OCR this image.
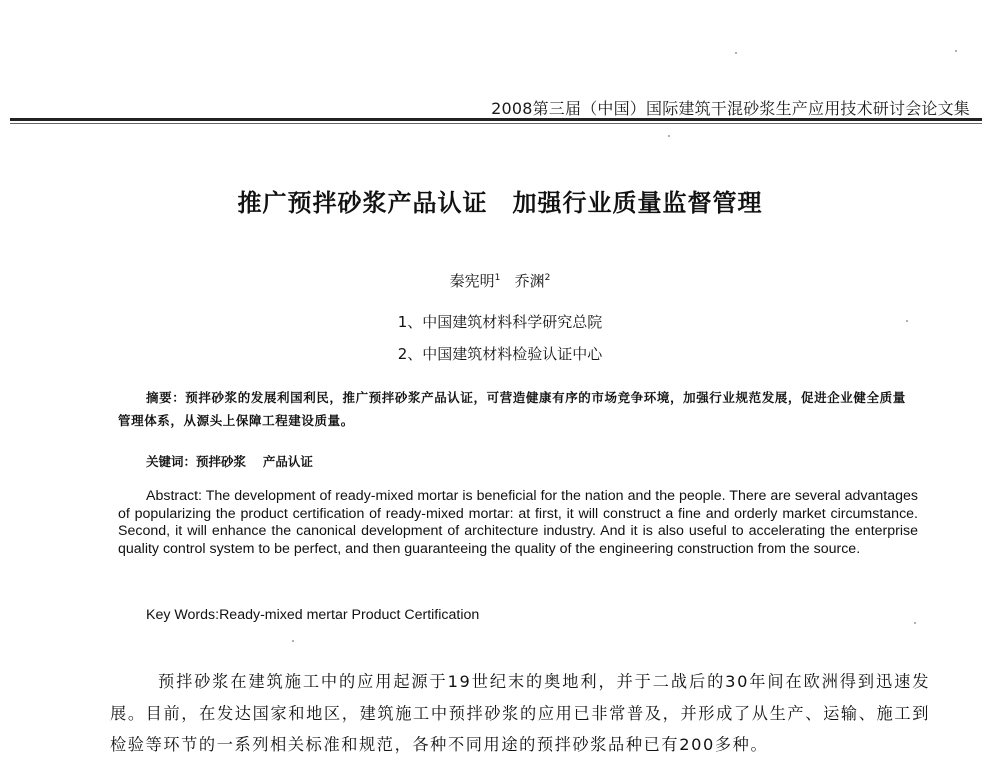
2008第三届（中国）国际建筑干混砂浆生产应用技术研讨会论文集
推广预拌砂浆产品认证　加强行业质量监督管理
秦宪明$^1$ 乔渊$^2$
1、中国建筑材料科学研究总院
2、中国建筑材料检验认证中心
摘要：预拌砂浆的发展利国利民，推广预拌砂浆产品认证，可营造健康有序的市场竞争环境，加强行业规范发展，促进企业健全质量管理体系，从源头上保障工程建设质量。
关键词：预拌砂浆　 产品认证
Abstract: The development of ready-mixed mortar is beneficial for the nation and the people. There are several advantages of popularizing the product certification of ready-mixed mortar: at first, it will construct a fine and orderly market circumstance. Second, it will enhance the canonical development of architecture industry. And it is also useful to accelerating the enterprise quality control system to be perfect, and then guaranteeing the quality of the engineering construction from the source.
Key Words:Ready-mixed mertar Product Certification
预拌砂浆在建筑施工中的应用起源于19世纪末的奥地利，并于二战后的30年间在欧洲得到迅速发展。目前，在发达国家和地区，建筑施工中预拌砂浆的应用已非常普及，并形成了从生产、运输、施工到检验等环节的一系列相关标准和规范，各种不同用途的预拌砂浆品种已有200多种。
